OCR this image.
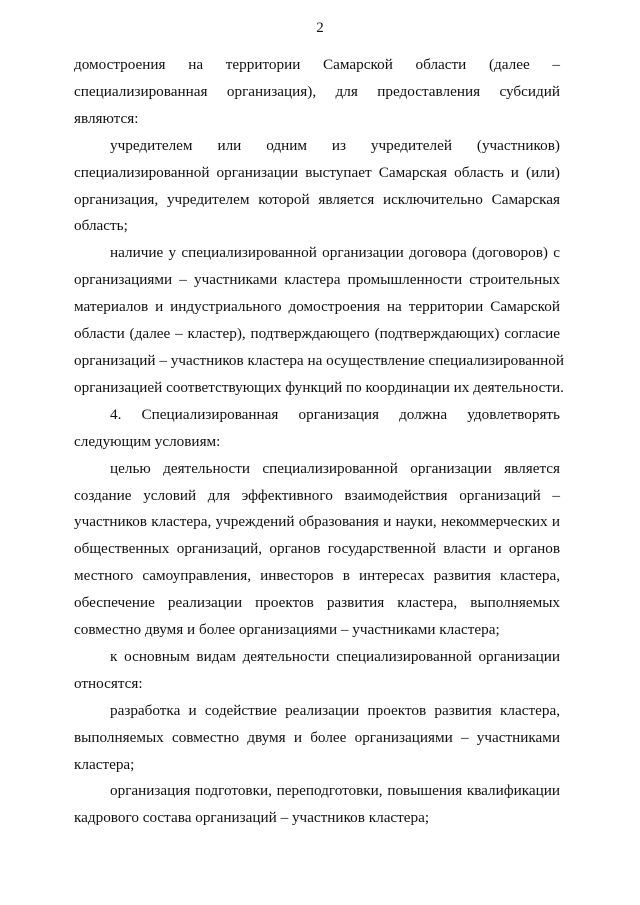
2

домостроения на территории Самарской области (далее –
специализированная организация), для предоставления субсидий
являются:

учредителем или одним из учредителей (участников)
специализированной организации выступает Самарская область и (или)
организация, учредителем которой является исключительно Самарская
область;

наличие у специализированной организации договора (договоров) с
организациями – участниками кластера промышленности строительных
материалов и индустриального домостроения на территории Самарской
области (далее – кластер), подтверждающего (подтверждающих) согласие
организаций – участников кластера на осуществление специализированной
организацией соответствующих функций по координации их деятельности.

4. Специализированная организация должна удовлетворять
следующим условиям:

целью деятельности специализированной организации является
создание условий для эффективного взаимодействия организаций –
участников кластера, учреждений образования и науки, некоммерческих и
общественных организаций, органов государственной власти и органов
местного самоуправления, инвесторов в интересах развития кластера,
обеспечение реализации проектов развития кластера, выполняемых
совместно двумя и более организациями – участниками кластера;

к основным видам деятельности специализированной организации
относятся:

разработка и содействие реализации проектов развития кластера,
выполняемых совместно двумя и более организациями – участниками
кластера;

организация подготовки, переподготовки, повышения квалификации
кадрового состава организаций – участников кластера;
